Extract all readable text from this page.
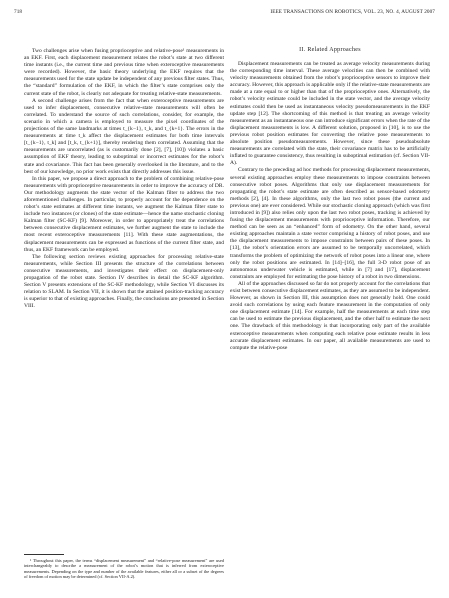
718	IEEE TRANSACTIONS ON ROBOTICS, VOL. 23, NO. 4, AUGUST 2007

Two challenges arise when fusing proprioceptive and relative-pose¹ measurements in an EKF. First, each displacement measurement relates the robot’s state at two different time instants (i.e., the current time and previous time when exteroceptive measurements were recorded). However, the basic theory underlying the EKF requires that the measurements used for the state update be independent of any previous filter states. Thus, the “standard” formulation of the EKF, in which the filter’s state comprises only the current state of the robot, is clearly not adequate for treating relative-state measurements.

A second challenge arises from the fact that when exteroceptive measurements are used to infer displacement, consecutive relative-state measurements will often be correlated. To understand the source of such correlations, consider, for example, the scenario in which a camera is employed to measure the pixel coordinates of the projections of the same landmarks at times t_{k−1}, t_k, and t_{k+1}. The errors in the measurements at time t_k affect the displacement estimates for both time intervals [t_{k−1}, t_k] and [t_k, t_{k+1}], thereby rendering them correlated. Assuming that the measurements are uncorrelated (as is customarily done [2], [7], [10]) violates a basic assumption of EKF theory, leading to suboptimal or incorrect estimates for the robot’s state and covariance. This fact has been generally overlooked in the literature, and to the best of our knowledge, no prior work exists that directly addresses this issue.

In this paper, we propose a direct approach to the problem of combining relative-pose measurements with proprioceptive measurements in order to improve the accuracy of DR. Our methodology augments the state vector of the Kalman filter to address the two aforementioned challenges. In particular, to properly account for the dependence on the robot’s state estimates at different time instants, we augment the Kalman filter state to include two instances (or clones) of the state estimate—hence the name stochastic cloning Kalman filter (SC-KF) [9]. Moreover, in order to appropriately treat the correlations between consecutive displacement estimates, we further augment the state to include the most recent exteroceptive measurements [11]. With these state augmentations, the displacement measurements can be expressed as functions of the current filter state, and thus, an EKF framework can be employed.

The following section reviews existing approaches for processing relative-state measurements, while Section III presents the structure of the correlations between consecutive measurements, and investigates their effect on displacement-only propagation of the robot state. Section IV describes in detail the SC-KF algorithm. Section V presents extensions of the SC-KF methodology, while Section VI discusses its relation to SLAM. In Section VII, it is shown that the attained position-tracking accuracy is superior to that of existing approaches. Finally, the conclusions are presented in Section VIII.

¹ Throughout this paper, the terms “displacement measurement” and “relative-pose measurement” are used interchangeably to describe a measurement of the robot’s motion that is inferred from exteroceptive measurements. Depending on the type and number of the available features, either all or a subset of the degrees of freedom of motion may be determined (cf. Section VII-A.2).

II. Related Approaches

Displacement measurements can be treated as average velocity measurements during the corresponding time interval. These average velocities can then be combined with velocity measurements obtained from the robot’s proprioceptive sensors to improve their accuracy. However, this approach is applicable only if the relative-state measurements are made at a rate equal to or higher than that of the proprioceptive ones. Alternatively, the robot’s velocity estimate could be included in the state vector, and the average velocity estimates could then be used as instantaneous velocity pseudomeasurements in the EKF update step [12]. The shortcoming of this method is that treating an average velocity measurement as an instantaneous one can introduce significant errors when the rate of the displacement measurements is low. A different solution, proposed in [10], is to use the previous robot position estimates for converting the relative pose measurements to absolute position pseudomeasurements. However, since these pseudoabsolute measurements are correlated with the state, their covariance matrix has to be artificially inflated to guarantee consistency, thus resulting in suboptimal estimation (cf. Section VII-A).

Contrary to the preceding ad hoc methods for processing displacement measurements, several existing approaches employ these measurements to impose constraints between consecutive robot poses. Algorithms that only use displacement measurements for propagating the robot’s state estimate are often described as sensor-based odometry methods [2], [4]. In these algorithms, only the last two robot poses (the current and previous one) are ever considered. While our stochastic cloning approach (which was first introduced in [9]) also relies only upon the last two robot poses, tracking is achieved by fusing the displacement measurements with proprioceptive information. Therefore, our method can be seen as an “enhanced” form of odometry. On the other hand, several existing approaches maintain a state vector comprising a history of robot poses, and use the displacement measurements to impose constraints between pairs of these poses. In [13], the robot’s orientation errors are assumed to be temporally uncorrelated, which transforms the problem of optimizing the network of robot poses into a linear one, where only the robot positions are estimated. In [14]–[16], the full 3-D robot pose of an autonomous underwater vehicle is estimated, while in [7] and [17], displacement constraints are employed for estimating the pose history of a robot in two dimensions.

All of the approaches discussed so far do not properly account for the correlations that exist between consecutive displacement estimates, as they are assumed to be independent. However, as shown in Section III, this assumption does not generally hold. One could avoid such correlations by using each feature measurement in the computation of only one displacement estimate [14]. For example, half the measurements at each time step can be used to estimate the previous displacement, and the other half to estimate the next one. The drawback of this methodology is that incorporating only part of the available exteroceptive measurements when computing each relative pose estimate results in less accurate displacement estimates. In our paper, all available measurements are used to compute the relative-pose
